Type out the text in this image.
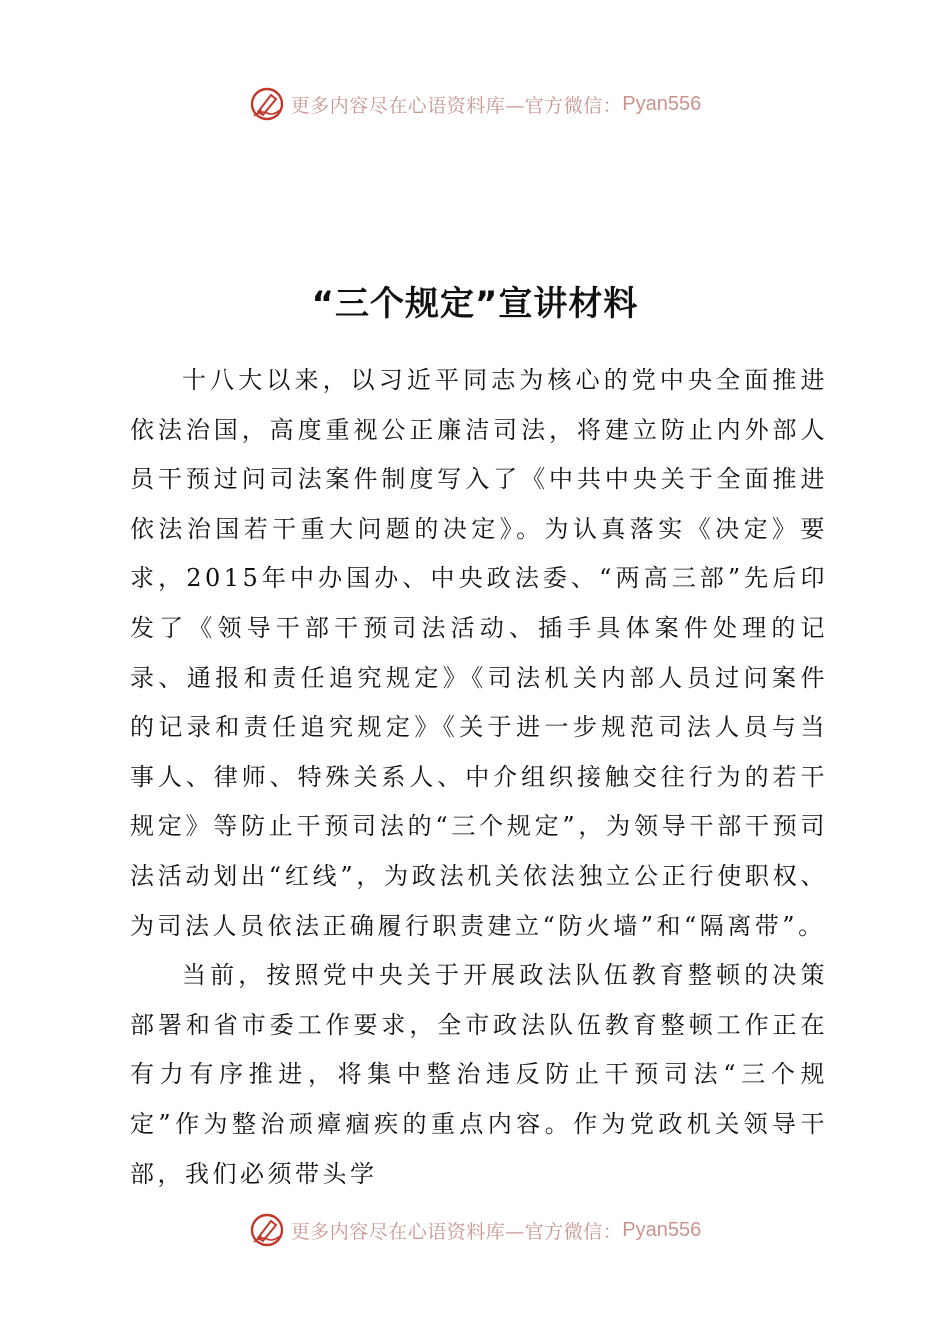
更多内容尽在心语资料库—官方微信： Pyan556
“三个规定”宣讲材料

十八大以来，以习近平同志为核心的党中央全面推进依法治国，高度重视公正廉洁司法，将建立防止内外部人员干预过问司法案件制度写入了《中共中央关于全面推进依法治国若干重大问题的决定》。为认真落实《决定》要求，2015年中办国办、中央政法委、“两高三部”先后印发了《领导干部干预司法活动、插手具体案件处理的记录、通报和责任追究规定》《司法机关内部人员过问案件的记录和责任追究规定》《关于进一步规范司法人员与当事人、律师、特殊关系人、中介组织接触交往行为的若干规定》等防止干预司法的“三个规定”，为领导干部干预司法活动划出“红线”，为政法机关依法独立公正行使职权、为司法人员依法正确履行职责建立“防火墙”和“隔离带”。

当前，按照党中央关于开展政法队伍教育整顿的决策部署和省市委工作要求，全市政法队伍教育整顿工作正在有力有序推进，将集中整治违反防止干预司法“三个规定”作为整治顽瘴痼疾的重点内容。作为党政机关领导干部，我们必须带头学

更多内容尽在心语资料库—官方微信： Pyan556
